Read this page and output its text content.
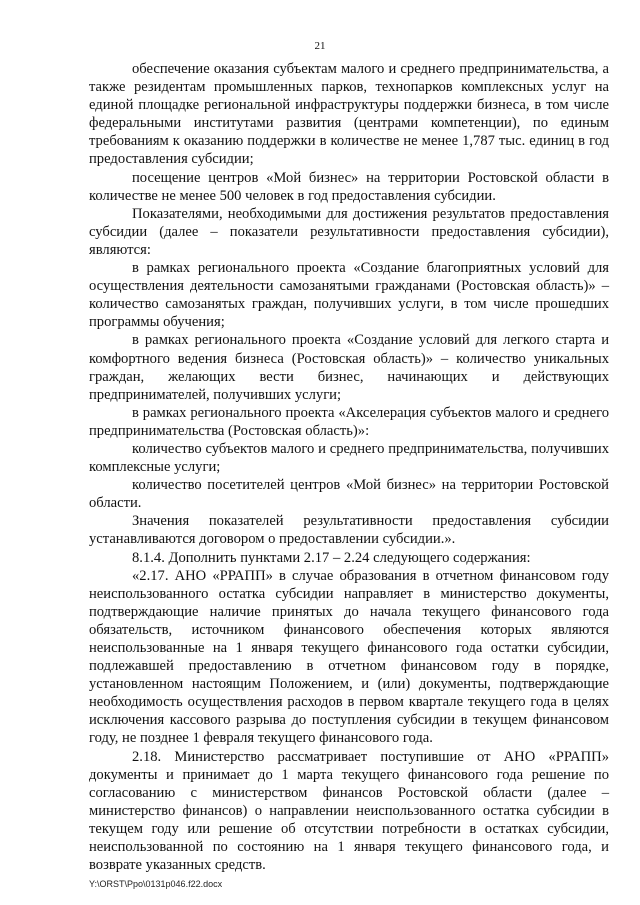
21

обеспечение оказания субъектам малого и среднего предпринимательства, а также резидентам промышленных парков, технопарков комплексных услуг на единой площадке региональной инфраструктуры поддержки бизнеса, в том числе федеральными институтами развития (центрами компетенции), по единым требованиям к оказанию поддержки в количестве не менее 1,787 тыс. единиц в год предоставления субсидии;

посещение центров «Мой бизнес» на территории Ростовской области в количестве не менее 500 человек в год предоставления субсидии.

Показателями, необходимыми для достижения результатов предоставления субсидии (далее – показатели результативности предоставления субсидии), являются:

в рамках регионального проекта «Создание благоприятных условий для осуществления деятельности самозанятыми гражданами (Ростовская область)» – количество самозанятых граждан, получивших услуги, в том числе прошедших программы обучения;

в рамках регионального проекта «Создание условий для легкого старта и комфортного ведения бизнеса (Ростовская область)» – количество уникальных граждан, желающих вести бизнес, начинающих и действующих предпринимателей, получивших услуги;

в рамках регионального проекта «Акселерация субъектов малого и среднего предпринимательства (Ростовская область)»:

количество субъектов малого и среднего предпринимательства, получивших комплексные услуги;

количество посетителей центров «Мой бизнес» на территории Ростовской области.

Значения показателей результативности предоставления субсидии устанавливаются договором о предоставлении субсидии.».

8.1.4. Дополнить пунктами 2.17 – 2.24 следующего содержания:

«2.17. АНО «РРАПП» в случае образования в отчетном финансовом году неиспользованного остатка субсидии направляет в министерство документы, подтверждающие наличие принятых до начала текущего финансового года обязательств, источником финансового обеспечения которых являются неиспользованные на 1 января текущего финансового года остатки субсидии, подлежавшей предоставлению в отчетном финансовом году в порядке, установленном настоящим Положением, и (или) документы, подтверждающие необходимость осуществления расходов в первом квартале текущего года в целях исключения кассового разрыва до поступления субсидии в текущем финансовом году, не позднее 1 февраля текущего финансового года.

2.18. Министерство рассматривает поступившие от АНО «РРАПП» документы и принимает до 1 марта текущего финансового года решение по согласованию с министерством финансов Ростовской области (далее – министерство финансов) о направлении неиспользованного остатка субсидии в текущем году или решение об отсутствии потребности в остатках субсидии, неиспользованной по состоянию на 1 января текущего финансового года, и возврате указанных средств.

Y:\ORST\Ppo\0131p046.f22.docx
